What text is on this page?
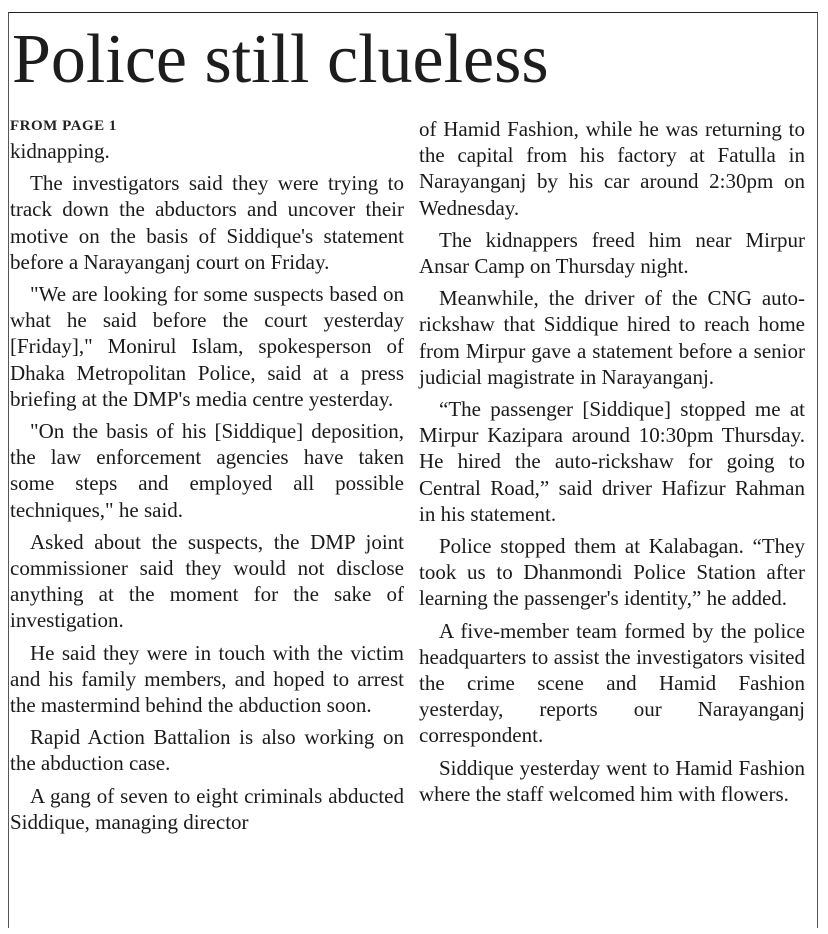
Police still clueless
FROM PAGE 1

kidnapping.

The investigators said they were trying to track down the abductors and uncover their motive on the basis of Siddique's statement before a Narayanganj court on Friday.

"We are looking for some suspects based on what he said before the court yesterday [Friday]," Monirul Islam, spokesperson of Dhaka Metropolitan Police, said at a press briefing at the DMP's media centre yesterday.

"On the basis of his [Siddique] deposition, the law enforcement agencies have taken some steps and employed all possible techniques," he said.

Asked about the suspects, the DMP joint commissioner said they would not disclose anything at the moment for the sake of investigation.

He said they were in touch with the victim and his family members, and hoped to arrest the mastermind behind the abduction soon.

Rapid Action Battalion is also working on the abduction case.

A gang of seven to eight criminals abducted Siddique, managing director

of Hamid Fashion, while he was returning to the capital from his factory at Fatulla in Narayanganj by his car around 2:30pm on Wednesday.

The kidnappers freed him near Mirpur Ansar Camp on Thursday night.

Meanwhile, the driver of the CNG auto-rickshaw that Siddique hired to reach home from Mirpur gave a statement before a senior judicial magistrate in Narayanganj.

“The passenger [Siddique] stopped me at Mirpur Kazipara around 10:30pm Thursday. He hired the auto-rickshaw for going to Central Road,” said driver Hafizur Rahman in his statement.

Police stopped them at Kalabagan. “They took us to Dhanmondi Police Station after learning the passenger's identity,” he added.

A five-member team formed by the police headquarters to assist the investigators visited the crime scene and Hamid Fashion yesterday, reports our Narayanganj correspondent.

Siddique yesterday went to Hamid Fashion where the staff welcomed him with flowers.
